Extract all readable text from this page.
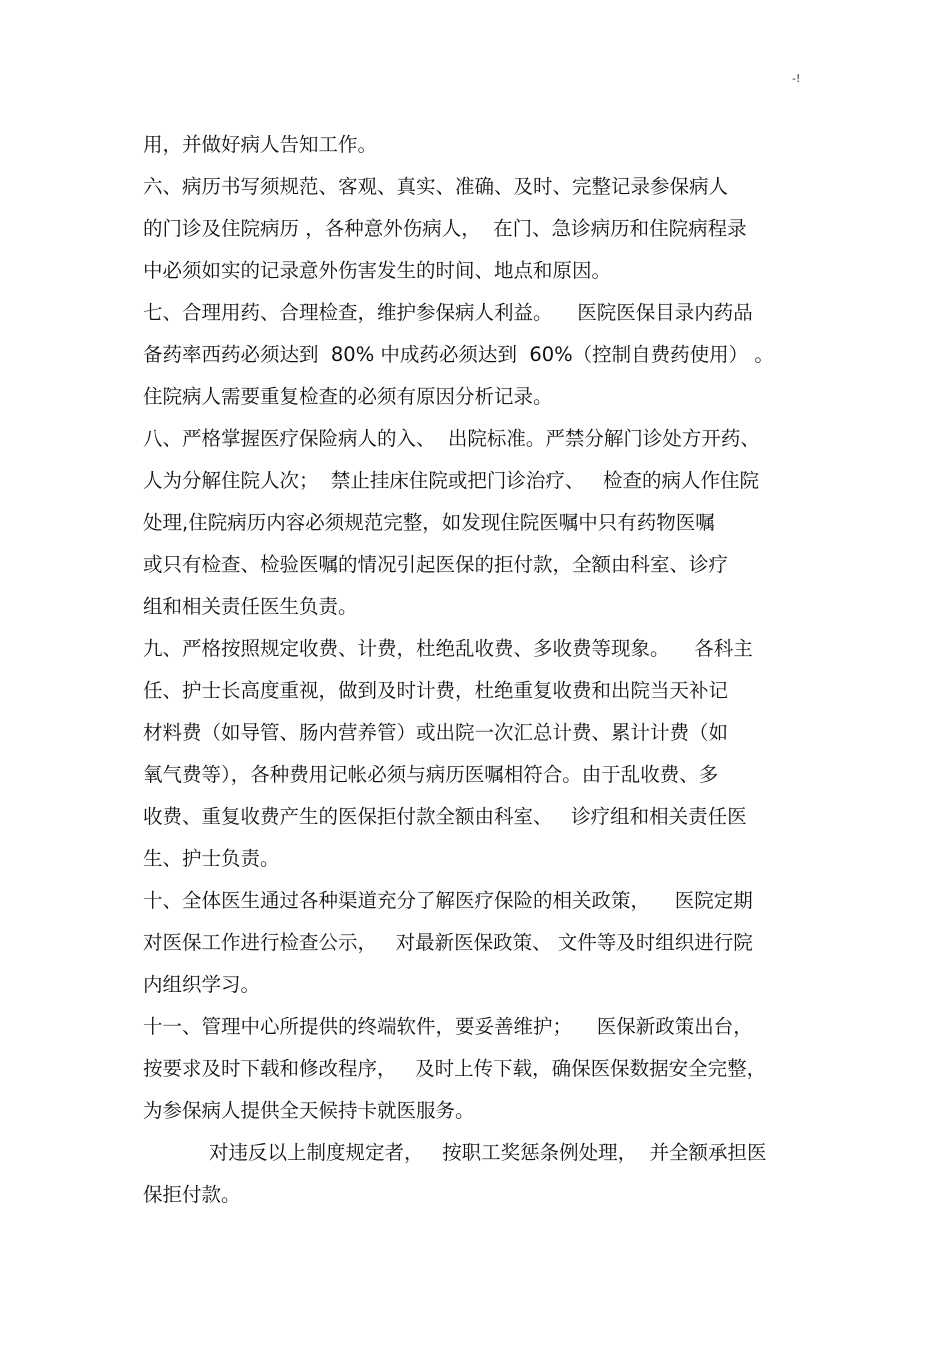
-!
用，并做好病人告知工作。
六、病历书写须规范、客观、真实、准确、及时、完整记录参保病人
的门诊及住院病历 ，各种意外伤病人，  在门、急诊病历和住院病程录
中必须如实的记录意外伤害发生的时间、地点和原因。
七、合理用药、合理检查，维护参保病人利益。    医院医保目录内药品
备药率西药必须达到  80% 中成药必须达到  60%（控制自费药使用） 。
住院病人需要重复检查的必须有原因分析记录。
八、严格掌握医疗保险病人的入、  出院标准。严禁分解门诊处方开药、
人为分解住院人次；  禁止挂床住院或把门诊治疗、   检查的病人作住院
处理,住院病历内容必须规范完整，如发现住院医嘱中只有药物医嘱
或只有检查、检验医嘱的情况引起医保的拒付款，全额由科室、诊疗
组和相关责任医生负责。
九、严格按照规定收费、计费，杜绝乱收费、多收费等现象。    各科主
任、护士长高度重视，做到及时计费，杜绝重复收费和出院当天补记
材料费（如导管、肠内营养管）或出院一次汇总计费、累计计费（如
氧气费等），各种费用记帐必须与病历医嘱相符合。由于乱收费、多
收费、重复收费产生的医保拒付款全额由科室、   诊疗组和相关责任医
生、护士负责。
十、全体医生通过各种渠道充分了解医疗保险的相关政策，    医院定期
对医保工作进行检查公示，   对最新医保政策、 文件等及时组织进行院
内组织学习。
十一、管理中心所提供的终端软件，要妥善维护；    医保新政策出台，
按要求及时下载和修改程序，   及时上传下载，确保医保数据安全完整，
为参保病人提供全天候持卡就医服务。
对违反以上制度规定者，   按职工奖惩条例处理，  并全额承担医
保拒付款。
